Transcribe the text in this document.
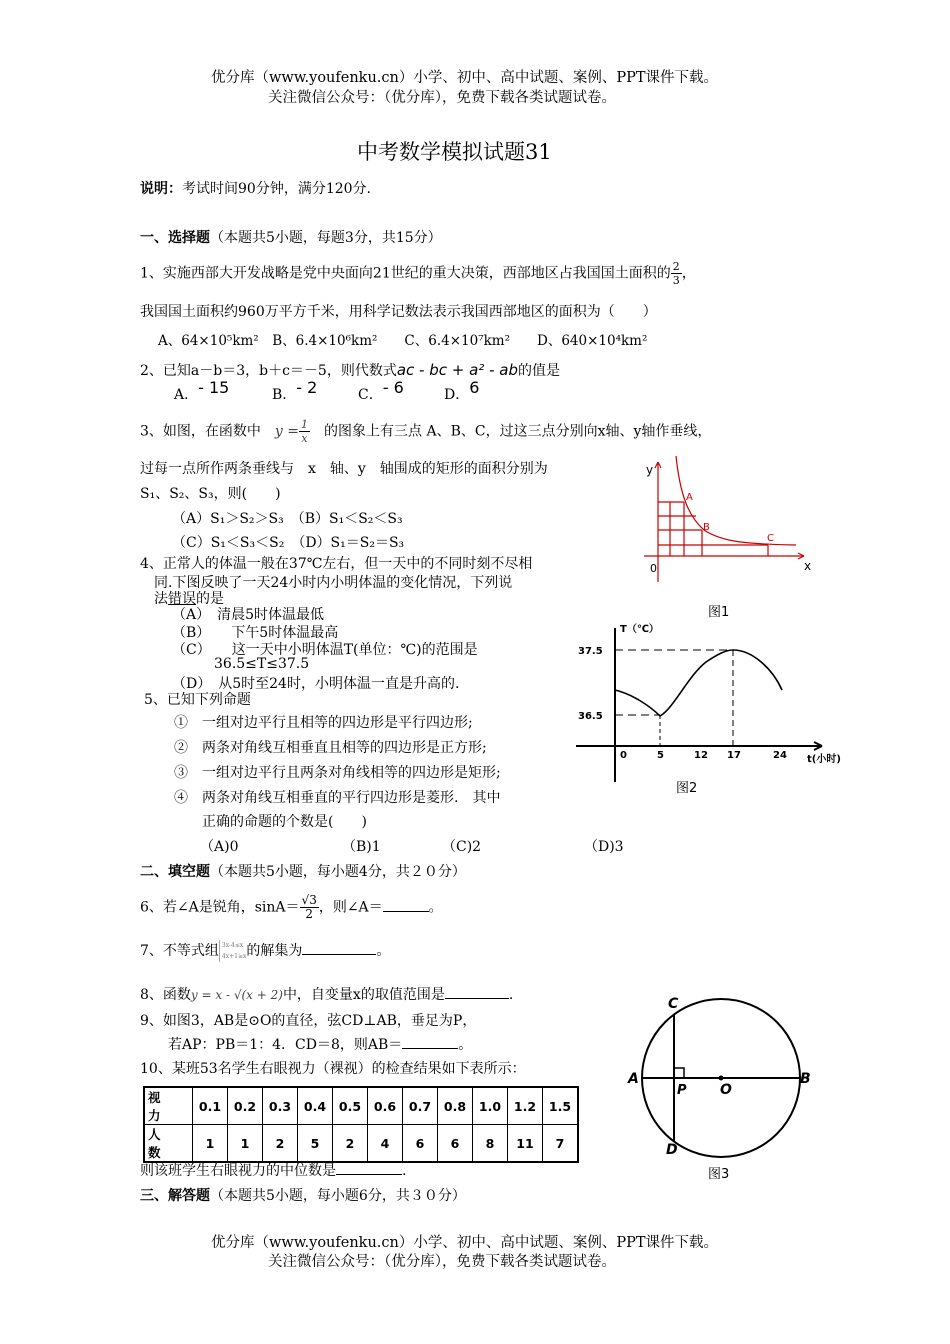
优分库（www.youfenku.cn）小学、初中、高中试题、案例、PPT课件下载。
关注微信公众号：（优分库），免费下载各类试题试卷。
中考数学模拟试题31
说明：考试时间90分钟，满分120分.
一、选择题（本题共5小题，每题3分，共15分）
1、实施西部大开发战略是党中央面向21世纪的重大决策，西部地区占我国国土面积的 $\frac{2}{3}$ ，
我国国土面积约960万平方千米，用科学记数法表示我国西部地区的面积为（　　）
A、64×10⁵km²　B、6.4×10⁶km²　　C、6.4×10⁷km²　　D、640×10⁴km²
2、已知a－b＝3，b＋c＝－5，则代数式ac - bc + a² - ab的值是
A．- 15	B．- 2	C．- 6	D．6
3、如图，在函数中　 $y = \frac{1}{x}$
　 的图象上有三点 A、B、C，过这三点分别向x轴、y轴作垂线，
过每一点所作两条垂线与　x　轴、y　轴围成的矩形的面积分别为
S₁、S₂、S₃，则(　　)
（A）S₁＞S₂＞S₃　（B）S₁＜S₂＜S₃
（C）S₁＜S₃＜S₂　（D）S₁＝S₂＝S₃
4、正常人的体温一般在37℃左右，但一天中的不同时刻不尽相
同.下图反映了一天24小时内小明体温的变化情况，下列说
法错误的是
（A）　清晨5时体温最低
（B）　　下午5时体温最高
（C）　　这一天中小明体温T(单位：℃)的范围是
36.5≤T≤37.5
（D）　从5时至24时，小明体温一直是升高的.
5、已知下列命题
①　一组对边平行且相等的四边形是平行四边形;
②　两条对角线互相垂直且相等的四边形是正方形;
③　一组对边平行且两条对角线相等的四边形是矩形;
④　两条对角线互相垂直的平行四边形是菱形.　其中
正确的命题的个数是(　　)
（A)0	（B)1	（C)2	（D)3
二、填空题（本题共5小题，每小题4分，共２０分）
6、若∠A是锐角，$\sin A= \frac{√3}{2}$ ，则∠A＝	。
7、不等式组 3x-4≤x
4x+1≥x 的解集为	。
8、函数y = x - √(x + 2)中，自变量x的取值范围是	.
9、如图3，AB是⊙O的直径，弦CD⊥AB，垂足为P，
若AP：PB＝1：4．CD＝8，则AB＝	。
10、某班53名学生右眼视力（裸视）的检查结果如下表所示：
视力	0.1	0.2	0.3	0.4	0.5	0.6	0.7	0.8	1.0	1.2	1.5
人数	1	1	2	5	2	4	6	6	8	11	7
则该班学生右眼视力的中位数是	.
三、解答题（本题共5小题，每小题6分，共３０分）
优分库（www.youfenku.cn）小学、初中、高中试题、案例、PPT课件下载。
关注微信公众号：（优分库），免费下载各类试题试卷。
y
x
0
A
B
C
图1
T（℃）
37.5
36.5
0	5	12 17	24 t(小时)
图2
A	B
C
D
O
P
图3
